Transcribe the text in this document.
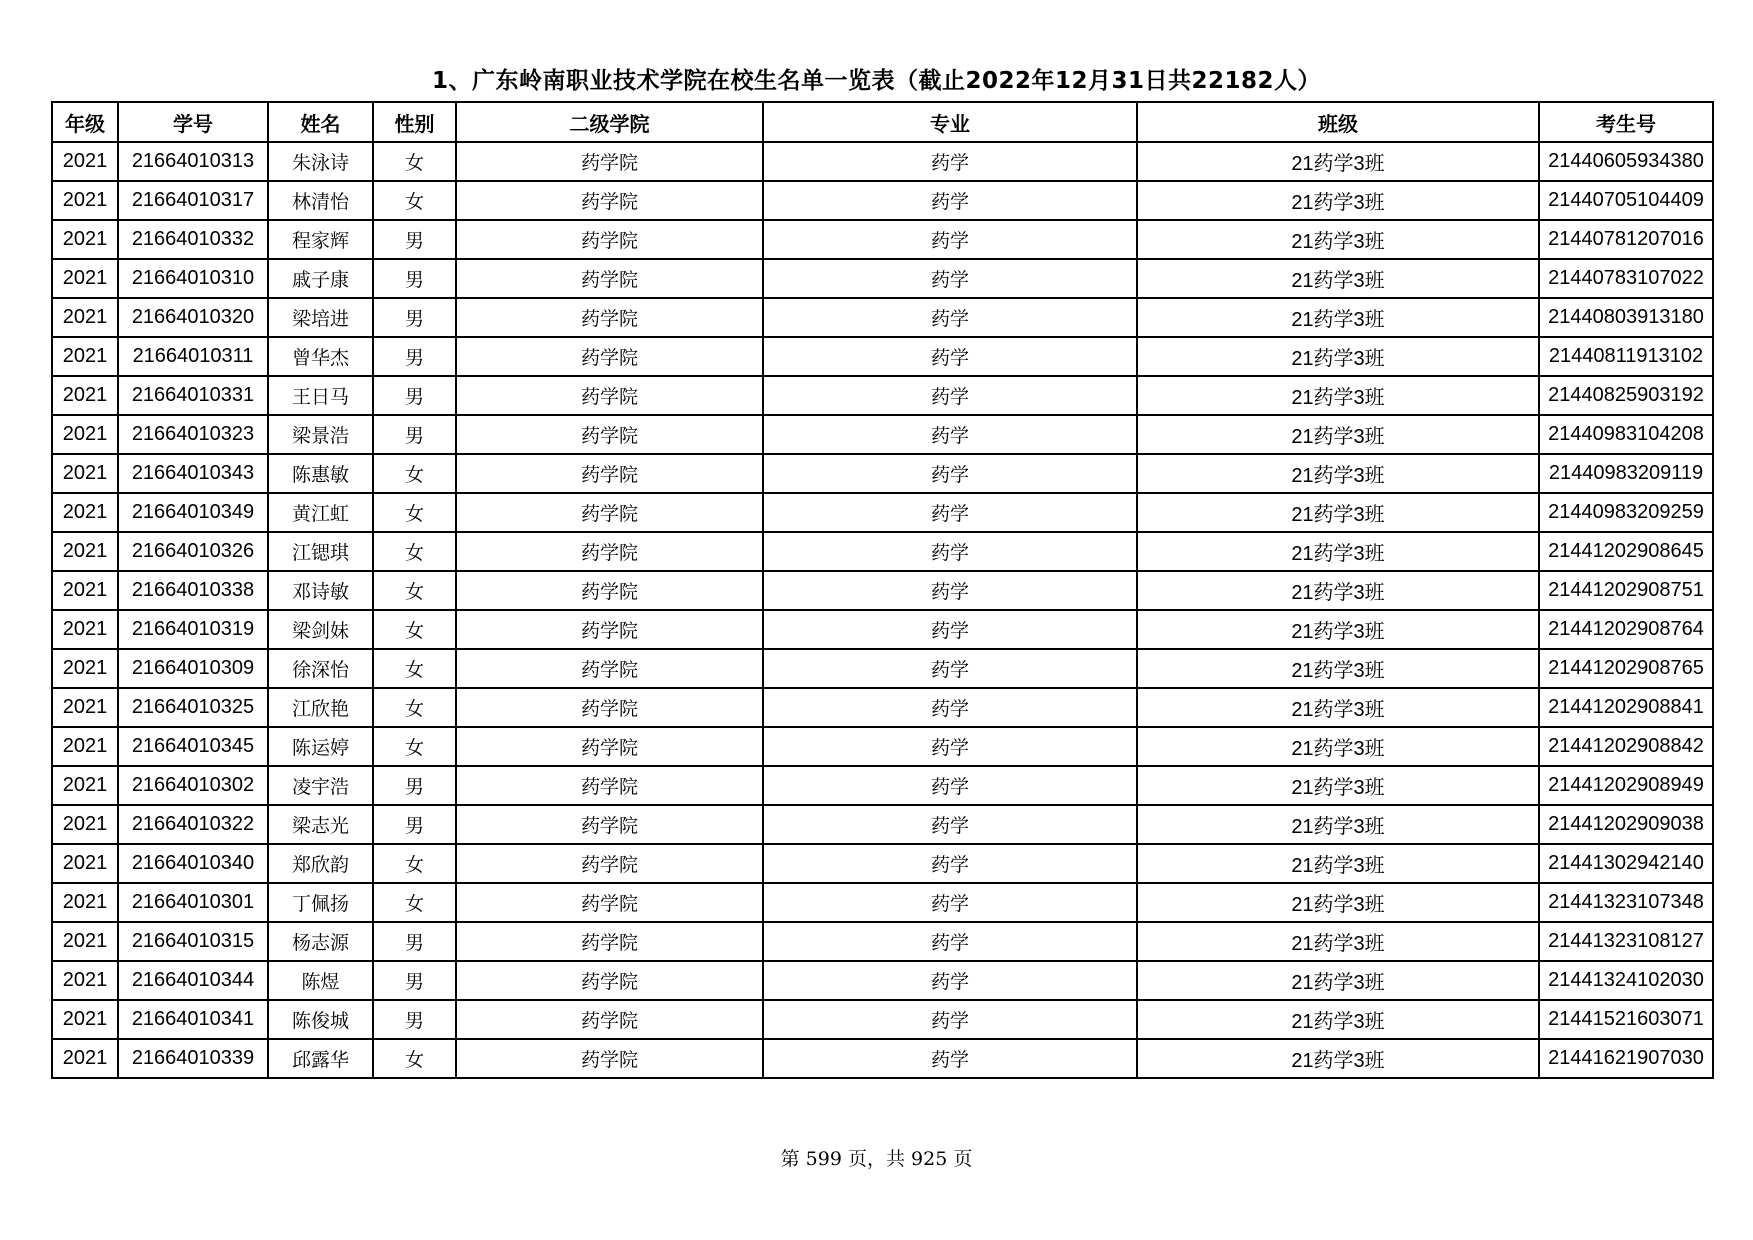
1、广东岭南职业技术学院在校生名单一览表（截止2022年12月31日共22182人）
年级	学号	姓名	性别	二级学院	专业	班级	考生号
2021	21664010313	朱泳诗	女	药学院	药学	21药学3班	21440605934380
2021	21664010317	林清怡	女	药学院	药学	21药学3班	21440705104409
2021	21664010332	程家辉	男	药学院	药学	21药学3班	21440781207016
2021	21664010310	戚子康	男	药学院	药学	21药学3班	21440783107022
2021	21664010320	梁培进	男	药学院	药学	21药学3班	21440803913180
2021	21664010311	曾华杰	男	药学院	药学	21药学3班	21440811913102
2021	21664010331	王日马	男	药学院	药学	21药学3班	21440825903192
2021	21664010323	梁景浩	男	药学院	药学	21药学3班	21440983104208
2021	21664010343	陈惠敏	女	药学院	药学	21药学3班	21440983209119
2021	21664010349	黄江虹	女	药学院	药学	21药学3班	21440983209259
2021	21664010326	江锶琪	女	药学院	药学	21药学3班	21441202908645
2021	21664010338	邓诗敏	女	药学院	药学	21药学3班	21441202908751
2021	21664010319	梁剑妹	女	药学院	药学	21药学3班	21441202908764
2021	21664010309	徐深怡	女	药学院	药学	21药学3班	21441202908765
2021	21664010325	江欣艳	女	药学院	药学	21药学3班	21441202908841
2021	21664010345	陈运婷	女	药学院	药学	21药学3班	21441202908842
2021	21664010302	凌宇浩	男	药学院	药学	21药学3班	21441202908949
2021	21664010322	梁志光	男	药学院	药学	21药学3班	21441202909038
2021	21664010340	郑欣韵	女	药学院	药学	21药学3班	21441302942140
2021	21664010301	丁佩扬	女	药学院	药学	21药学3班	21441323107348
2021	21664010315	杨志源	男	药学院	药学	21药学3班	21441323108127
2021	21664010344	陈煜	男	药学院	药学	21药学3班	21441324102030
2021	21664010341	陈俊城	男	药学院	药学	21药学3班	21441521603071
2021	21664010339	邱露华	女	药学院	药学	21药学3班	21441621907030
第 599 页，共 925 页
